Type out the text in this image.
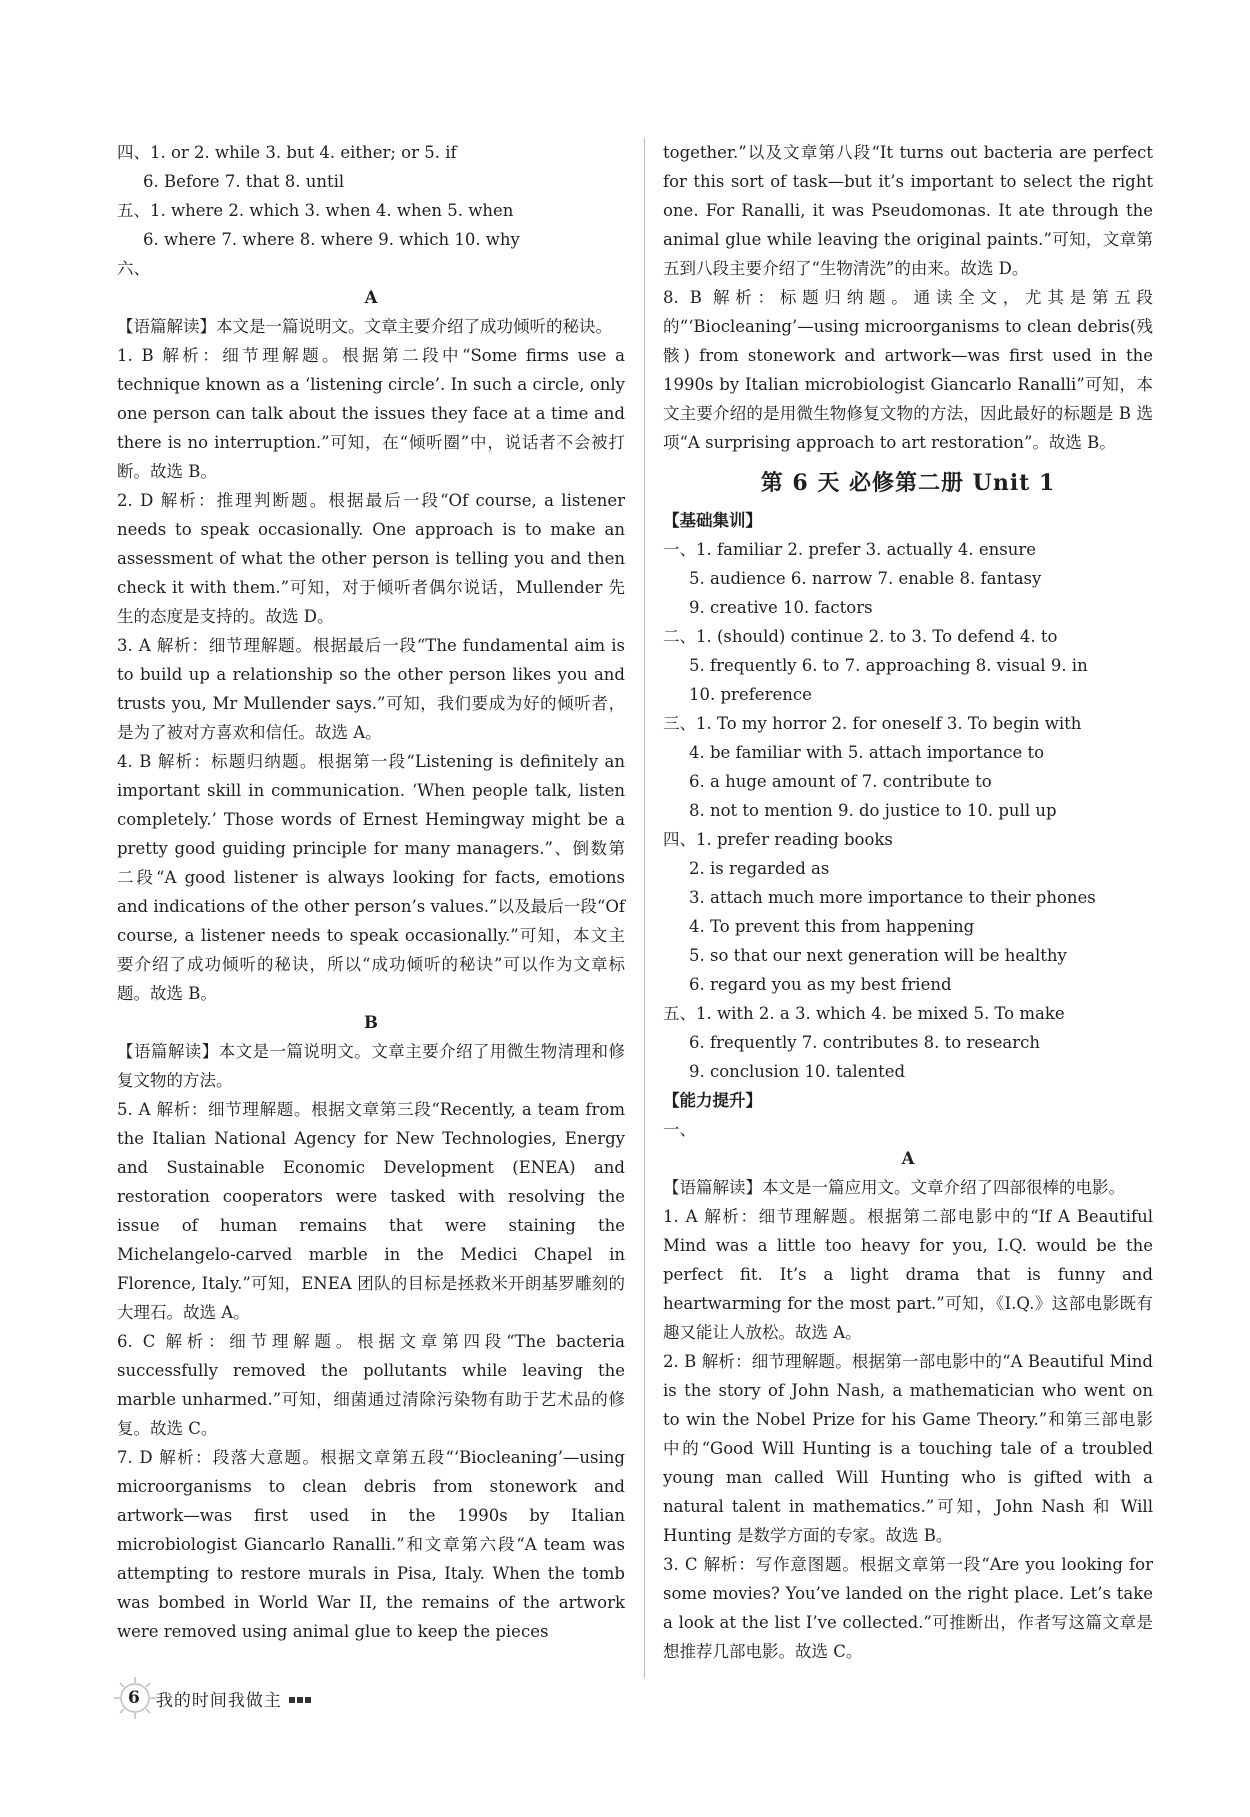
四、1. or 2. while 3. but 4. either; or 5. if
6. Before 7. that 8. until
五、1. where 2. which 3. when 4. when 5. when
6. where 7. where 8. where 9. which 10. why
六、
A
【语篇解读】本文是一篇说明文。文章主要介绍了成功倾听的秘诀。
1. B 解析：细节理解题。根据第二段中“Some firms use a technique known as a ‘listening circle’. In such a circle, only one person can talk about the issues they face at a time and there is no interruption.”可知，在“倾听圈”中，说话者不会被打断。故选 B。
2. D 解析：推理判断题。根据最后一段“Of course, a listener needs to speak occasionally. One approach is to make an assessment of what the other person is telling you and then check it with them.”可知，对于倾听者偶尔说话，Mullender 先生的态度是支持的。故选 D。
3. A 解析：细节理解题。根据最后一段“The fundamental aim is to build up a relationship so the other person likes you and trusts you, Mr Mullender says.”可知，我们要成为好的倾听者，是为了被对方喜欢和信任。故选 A。
4. B 解析：标题归纳题。根据第一段“Listening is definitely an important skill in communication. ‘When people talk, listen completely.’ Those words of Ernest Hemingway might be a pretty good guiding principle for many managers.”、倒数第二段“A good listener is always looking for facts, emotions and indications of the other person’s values.”以及最后一段“Of course, a listener needs to speak occasionally.”可知，本文主要介绍了成功倾听的秘诀，所以“成功倾听的秘诀”可以作为文章标题。故选 B。
B
【语篇解读】本文是一篇说明文。文章主要介绍了用微生物清理和修复文物的方法。
5. A 解析：细节理解题。根据文章第三段“Recently, a team from the Italian National Agency for New Technologies, Energy and Sustainable Economic Development (ENEA) and restoration cooperators were tasked with resolving the issue of human remains that were staining the Michelangelo-carved marble in the Medici Chapel in Florence, Italy.”可知，ENEA 团队的目标是拯救米开朗基罗雕刻的大理石。故选 A。
6. C 解析：细节理解题。根据文章第四段“The bacteria successfully removed the pollutants while leaving the marble unharmed.”可知，细菌通过清除污染物有助于艺术品的修复。故选 C。
7. D 解析：段落大意题。根据文章第五段“‘Biocleaning’—using microorganisms to clean debris from stonework and artwork—was first used in the 1990s by Italian microbiologist Giancarlo Ranalli.”和文章第六段“A team was attempting to restore murals in Pisa, Italy. When the tomb was bombed in World War II, the remains of the artwork were removed using animal glue to keep the pieces
together.”以及文章第八段“It turns out bacteria are perfect for this sort of task—but it’s important to select the right one. For Ranalli, it was Pseudomonas. It ate through the animal glue while leaving the original paints.”可知，文章第五到八段主要介绍了“生物清洗”的由来。故选 D。
8. B 解析：标题归纳题。通读全文，尤其是第五段的“‘Biocleaning’—using microorganisms to clean debris(残骸) from stonework and artwork—was first used in the 1990s by Italian microbiologist Giancarlo Ranalli”可知，本文主要介绍的是用微生物修复文物的方法，因此最好的标题是 B 选项“A surprising approach to art restoration”。故选 B。
第 6 天 必修第二册 Unit 1
【基础集训】
一、1. familiar 2. prefer 3. actually 4. ensure
5. audience 6. narrow 7. enable 8. fantasy
9. creative 10. factors
二、1. (should) continue 2. to 3. To defend 4. to
5. frequently 6. to 7. approaching 8. visual 9. in
10. preference
三、1. To my horror 2. for oneself 3. To begin with
4. be familiar with 5. attach importance to
6. a huge amount of 7. contribute to
8. not to mention 9. do justice to 10. pull up
四、1. prefer reading books
2. is regarded as
3. attach much more importance to their phones
4. To prevent this from happening
5. so that our next generation will be healthy
6. regard you as my best friend
五、1. with 2. a 3. which 4. be mixed 5. To make
6. frequently 7. contributes 8. to research
9. conclusion 10. talented
【能力提升】
一、
A
【语篇解读】本文是一篇应用文。文章介绍了四部很棒的电影。
1. A 解析：细节理解题。根据第二部电影中的“If A Beautiful Mind was a little too heavy for you, I.Q. would be the perfect fit. It’s a light drama that is funny and heartwarming for the most part.”可知，《I.Q.》这部电影既有趣又能让人放松。故选 A。
2. B 解析：细节理解题。根据第一部电影中的“A Beautiful Mind is the story of John Nash, a mathematician who went on to win the Nobel Prize for his Game Theory.”和第三部电影中的“Good Will Hunting is a touching tale of a troubled young man called Will Hunting who is gifted with a natural talent in mathematics.”可知，John Nash 和 Will Hunting 是数学方面的专家。故选 B。
3. C 解析：写作意图题。根据文章第一段“Are you looking for some movies? You’ve landed on the right place. Let’s take a look at the list I’ve collected.”可推断出，作者写这篇文章是想推荐几部电影。故选 C。
6 我的时间我做主
